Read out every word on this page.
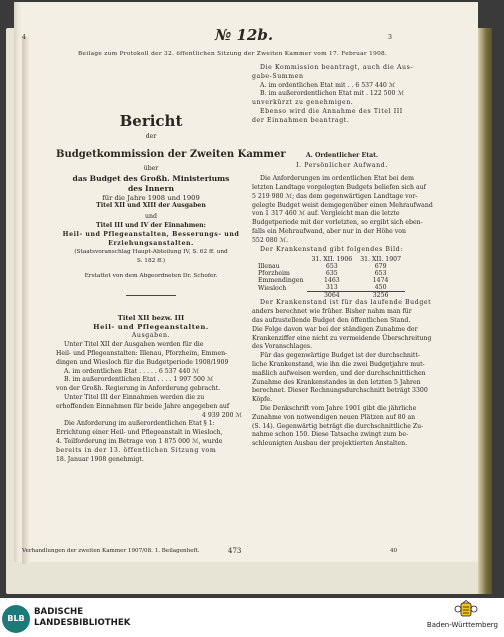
4	№ 12b.	3
Beilage zum Protokoll der 32. öffentlichen Sitzung der Zweiten Kammer vom 17. Februar 1908.
Bericht
der
Budgetkommission der Zweiten Kammer
über
das Budget des Großh. Ministeriums
des Innern
für die Jahre 1908 und 1909
Titel XII und XIII der Ausgaben
und
Titel III und IV der Einnahmen:
Heil- und Pflegeanstalten, Besserungs- und
Erziehungsanstalten.
(Staatsvoranschlag Haupt-Abteilung IV, S. 62 ff. und
S. 182 ff.)
Erstattet von dem Abgeordneten Dr. Schofer.
Titel XII bezw. III
Heil- und Pflegeanstalten.
Ausgaben.
Unter Titel XII der Ausgaben werden für die
Heil- und Pflegeanstalten: Illenau, Pforzheim, Emmen-
dingen und Wiesloch für die Budgetperiode 1908/1909
A. im ordentlichen Etat . . . . . 6 537 440 ℳ
B. im außerordentlichen Etat . . . . 1 997 500 ℳ
von der Großh. Regierung in Anforderung gebracht.
Unter Titel III der Einnahmen werden die zu
erhoffenden Einnahmen für beide Jahre angegeben auf
4 939 200 ℳ
Die Anforderung im außerordentlichen Etat § 1:
Errichtung einer Heil- und Pflegeanstalt in Wiesloch,
4. Teilforderung im Betrage von 1 875 000 ℳ, wurde
bereits in der 13. öffentlichen Sitzung vom
18. Januar 1908 genehmigt.
Die Kommission beantragt, auch die Aus-
gabe-Summen
A. im ordentlichen Etat mit . . 6 537 440 ℳ
B. im außerordentlichen Etat mit . 122 500 ℳ
unverkürzt zu genehmigen.
Ebenso wird die Annahme des Titel III
der Einnahmen beantragt.
A. Ordentlicher Etat.
I. Persönlicher Aufwand.
Die Anforderungen im ordentlichen Etat bei dem
letzten Landtage vorgelegten Budgets beliefen sich auf
5 219 980 ℳ; das dem gegenwärtigen Landtage vor-
gelegte Budget weist demgegenüber einen Mehraufwand
von 1 317 460 ℳ auf. Vergleicht man die letzte
Budgetperiode mit der vorletzten, so ergibt sich eben-
falls ein Mehraufwand, aber nur in der Höhe von
552 080 ℳ.
Der Krankenstand gibt folgendes Bild:
	31. XII. 1906	31. XII. 1907
Illenau	653	679
Pforzheim	635	653
Emmendingen	1463	1474
Wiesloch	313	450
	3064	3256
Der Krankenstand ist für das laufende Budget
anders berechnet wie früher. Bisher nahm man für
das aufzustellende Budget den öffentlichen Stand.
Die Folge davon war bei der ständigen Zunahme der
Krankenziffer eine nicht zu vermeidende Überschreitung
des Voranschlages.
Für das gegenwärtige Budget ist der durchschnitt-
liche Krankenstand, wie ihn die zwei Budgetjahre mut-
maßlich aufweisen werden, und der durchschnittlichen
Zunahme des Krankenstandes in den letzten 5 Jahren
berechnet. Dieser Rechnungsdurchschnitt beträgt 3300
Köpfe.
Die Denkschrift vom Jahre 1901 gibt die jährliche
Zunahme von notwendigen neuen Plätzen auf 80 an
(S. 14). Gegenwärtig beträgt die durchschnittliche Zu-
nahme schon 150. Diese Tatsache zwingt zum be-
schleunigten Ausbau der projektierten Anstalten.
Verhandlungen der zweiten Kammer 1907/08. 1. Beilagenheft.	473	40
BLB
BADISCHE
LANDESBIBLIOTHEK	Baden-Württemberg
